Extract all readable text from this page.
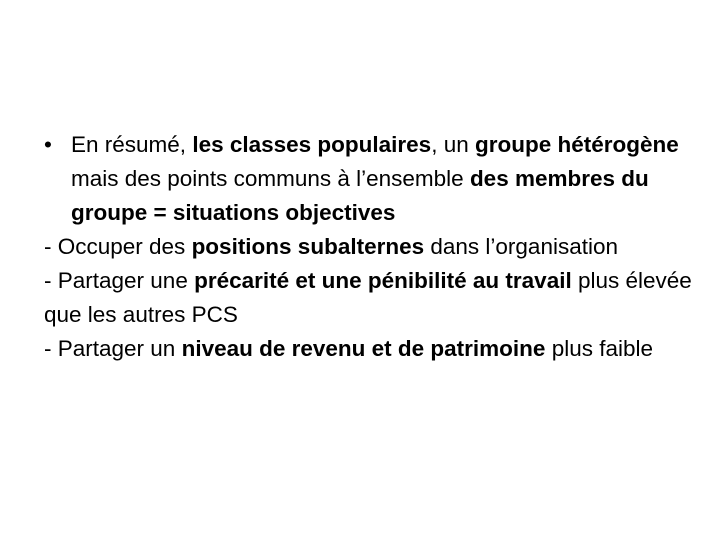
• En résumé, les classes populaires, un groupe hétérogène mais des points communs à l’ensemble des membres du groupe = situations objectives

- Occuper des positions subalternes dans l’organisation

- Partager une précarité et une pénibilité au travail plus élevée que les autres PCS

- Partager un niveau de revenu et de patrimoine plus faible
